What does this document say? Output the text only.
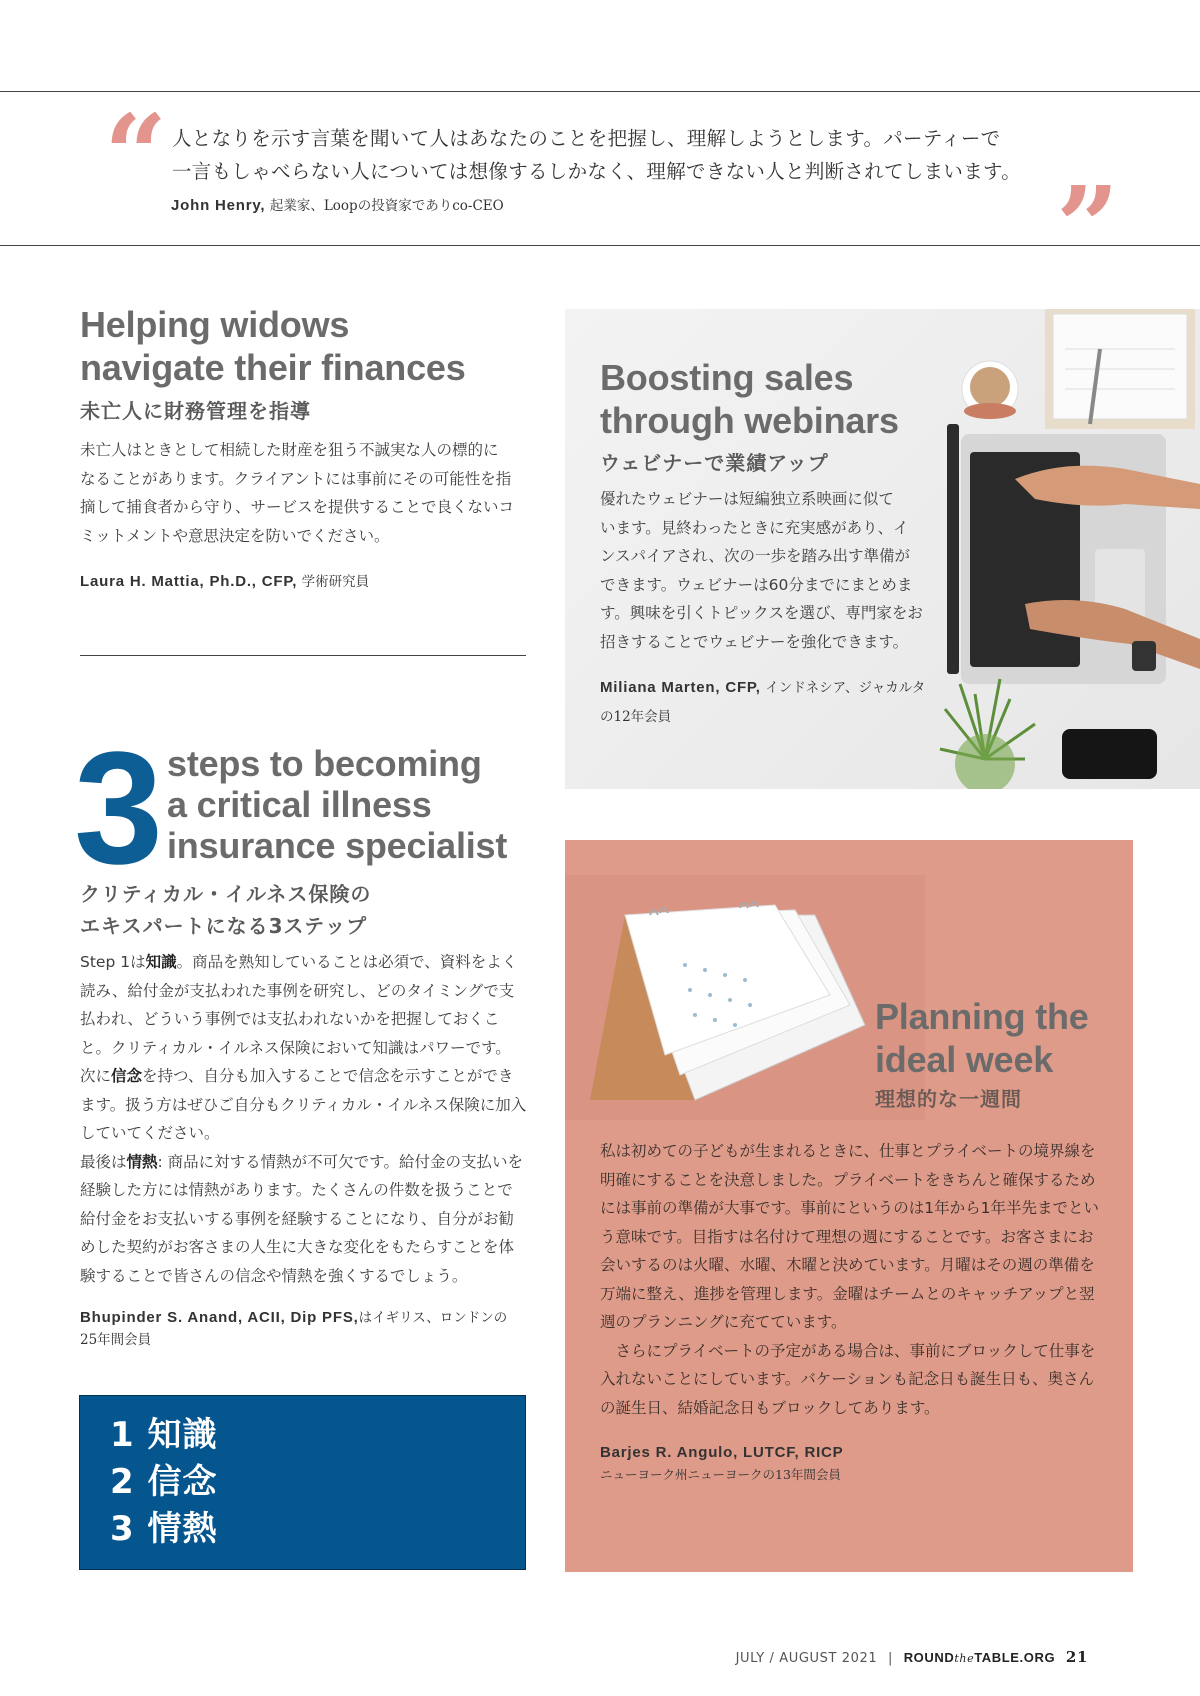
“ 人となりを示す言葉を聞いて人はあなたのことを把握し、理解しようとします。パーティーで
一言もしゃべらない人については想像するしかなく、理解できない人と判断されてしまいます。
John Henry, 起業家、Loopの投資家でありco-CEO	”
Helping widows
navigate their finances
未亡人に財務管理を指導
未亡人はときとして相続した財産を狙う不誠実な人の標的に
なることがあります。クライアントには事前にその可能性を指
摘して捕食者から守り、サービスを提供することで良くないコ
ミットメントや意思決定を防いでください。
Laura H. Mattia, Ph.D., CFP, 学術研究員
Boosting sales
through webinars
ウェビナーで業績アップ
優れたウェビナーは短編独立系映画に似て
います。見終わったときに充実感があり、イ
ンスパイアされ、次の一歩を踏み出す準備が
できます。ウェビナーは60分までにまとめま
す。興味を引くトピックスを選び、専門家をお
招きすることでウェビナーを強化できます。
Miliana Marten, CFP, インドネシア、ジャカルタ
の12年会員
3 steps to becoming
a critical illness
insurance specialist
クリティカル・イルネス保険の
エキスパートになる3ステップ

Step 1は知識。商品を熟知していることは必須で、資料をよく読み、給付金が支払われた事例を研究し、どのタイミングで支払われ、どういう事例では支払われないかを把握しておくこと。クリティカル・イルネス保険において知識はパワーです。

次に信念を持つ、自分も加入することで信念を示すことができます。扱う方はぜひご自分もクリティカル・イルネス保険に加入していてください。

最後は情熱: 商品に対する情熱が不可欠です。給付金の支払いを経験した方には情熱があります。たくさんの件数を扱うことで給付金をお支払いする事例を経験することになり、自分がお勧めした契約がお客さまの人生に大きな変化をもたらすことを体験することで皆さんの信念や情熱を強くするでしょう。

Bhupinder S. Anand, ACII, Dip PFS,はイギリス、ロンドンの
25年間会員
1 知識
2 信念
3 情熱
Planning the
ideal week
理想的な一週間

私は初めての子どもが生まれるときに、仕事とプライベートの境界線を明確にすることを決意しました。プライベートをきちんと確保するためには事前の準備が大事です。事前にというのは1年から1年半先までという意味です。目指すは名付けて理想の週にすることです。お客さまにお会いするのは火曜、水曜、木曜と決めています。月曜はその週の準備を万端に整え、進捗を管理します。金曜はチームとのキャッチアップと翌週のプランニングに充てています。

さらにプライベートの予定がある場合は、事前にブロックして仕事を入れないことにしています。バケーションも記念日も誕生日も、奥さんの誕生日、結婚記念日もブロックしてあります。

Barjes R. Angulo, LUTCF, RICP
ニューヨーク州ニューヨークの13年間会員
JULY / AUGUST 2021 | ROUNDtheTABLE.ORG 21
